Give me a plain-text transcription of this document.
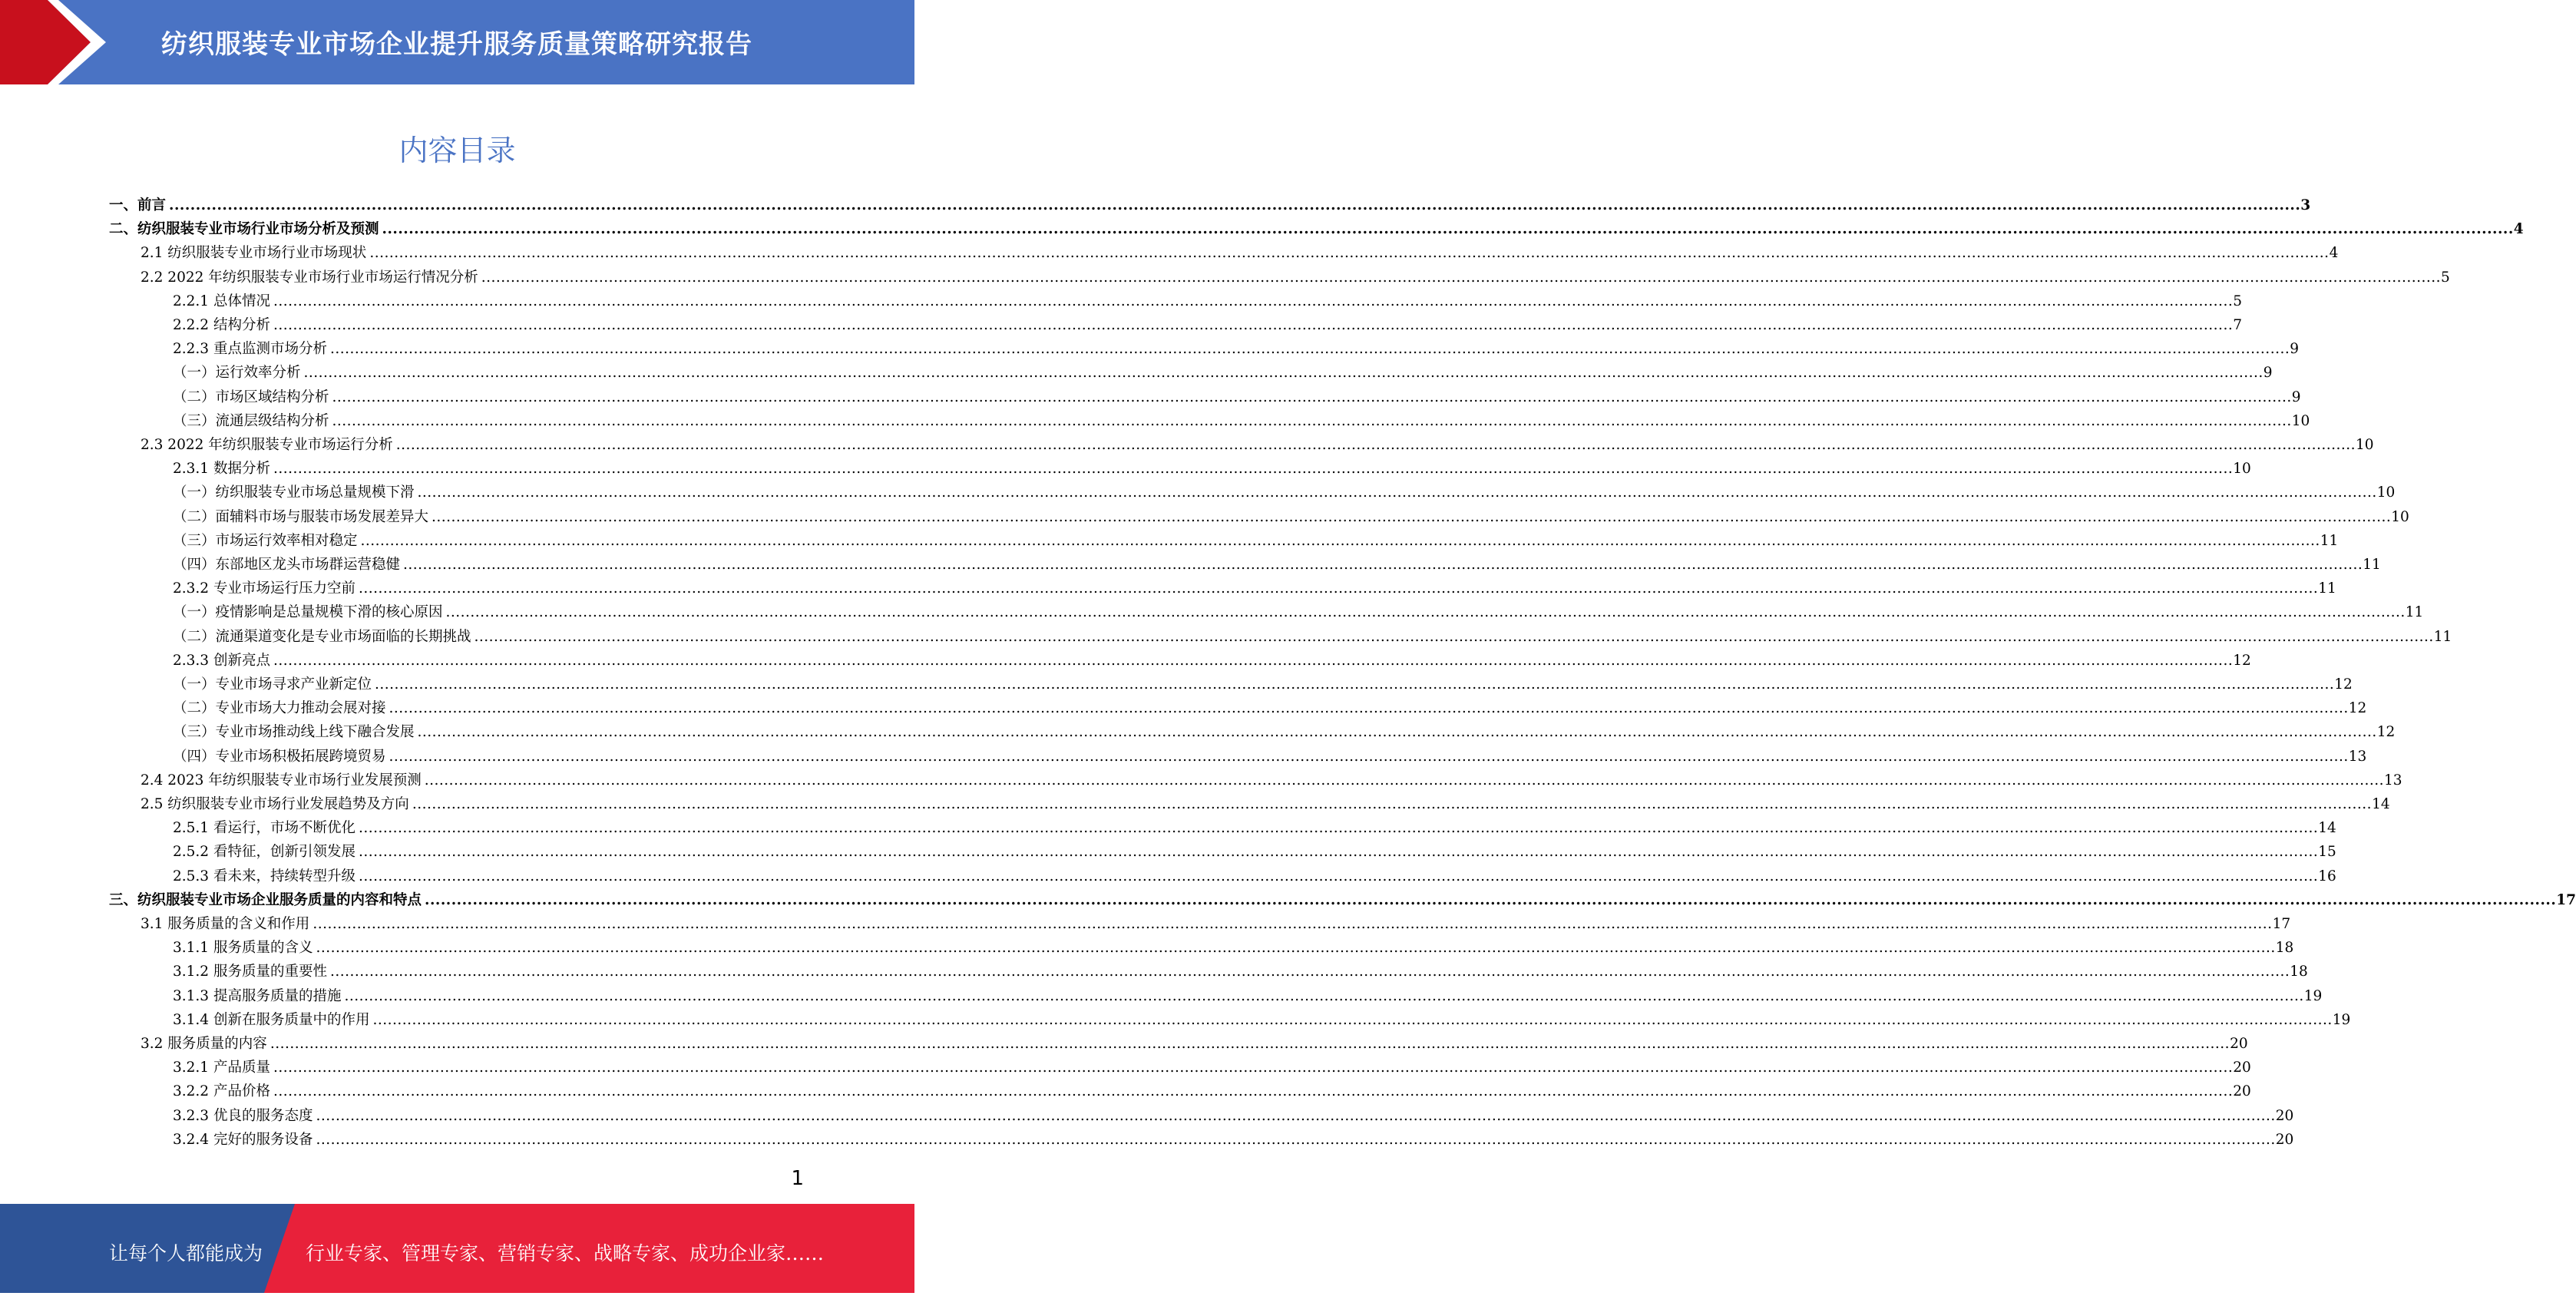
纺织服装专业市场企业提升服务质量策略研究报告
内容目录
一、前言 ................................................................................................................................................................................................................................................................................................................................................................................................................ 3
二、纺织服装专业市场行业市场分析及预测 ................................................................................................................................................................................................................................................................................................................................................................................................................ 4
2.1 纺织服装专业市场行业市场现状 ................................................................................................................................................................................................................................................................................................................................................................................................................ 4
2.2 2022 年纺织服装专业市场行业市场运行情况分析 ................................................................................................................................................................................................................................................................................................................................................................................................................ 5
2.2.1 总体情况 ................................................................................................................................................................................................................................................................................................................................................................................................................ 5
2.2.2 结构分析 ................................................................................................................................................................................................................................................................................................................................................................................................................ 7
2.2.3 重点监测市场分析 ................................................................................................................................................................................................................................................................................................................................................................................................................ 9
（一）运行效率分析 ................................................................................................................................................................................................................................................................................................................................................................................................................ 9
（二）市场区域结构分析 ................................................................................................................................................................................................................................................................................................................................................................................................................ 9
（三）流通层级结构分析 ................................................................................................................................................................................................................................................................................................................................................................................................................ 10
2.3 2022 年纺织服装专业市场运行分析 ................................................................................................................................................................................................................................................................................................................................................................................................................ 10
2.3.1 数据分析 ................................................................................................................................................................................................................................................................................................................................................................................................................ 10
（一）纺织服装专业市场总量规模下滑 ................................................................................................................................................................................................................................................................................................................................................................................................................ 10
（二）面辅料市场与服装市场发展差异大 ................................................................................................................................................................................................................................................................................................................................................................................................................ 10
（三）市场运行效率相对稳定 ................................................................................................................................................................................................................................................................................................................................................................................................................ 11
（四）东部地区龙头市场群运营稳健 ................................................................................................................................................................................................................................................................................................................................................................................................................ 11
2.3.2 专业市场运行压力空前 ................................................................................................................................................................................................................................................................................................................................................................................................................ 11
（一）疫情影响是总量规模下滑的核心原因 ................................................................................................................................................................................................................................................................................................................................................................................................................ 11
（二）流通渠道变化是专业市场面临的长期挑战 ................................................................................................................................................................................................................................................................................................................................................................................................................ 11
2.3.3 创新亮点 ................................................................................................................................................................................................................................................................................................................................................................................................................ 12
（一）专业市场寻求产业新定位 ................................................................................................................................................................................................................................................................................................................................................................................................................ 12
（二）专业市场大力推动会展对接 ................................................................................................................................................................................................................................................................................................................................................................................................................ 12
（三）专业市场推动线上线下融合发展 ................................................................................................................................................................................................................................................................................................................................................................................................................ 12
（四）专业市场积极拓展跨境贸易 ................................................................................................................................................................................................................................................................................................................................................................................................................ 13
2.4 2023 年纺织服装专业市场行业发展预测 ................................................................................................................................................................................................................................................................................................................................................................................................................ 13
2.5 纺织服装专业市场行业发展趋势及方向 ................................................................................................................................................................................................................................................................................................................................................................................................................ 14
2.5.1 看运行，市场不断优化 ................................................................................................................................................................................................................................................................................................................................................................................................................ 14
2.5.2 看特征，创新引领发展 ................................................................................................................................................................................................................................................................................................................................................................................................................ 15
2.5.3 看未来，持续转型升级 ................................................................................................................................................................................................................................................................................................................................................................................................................ 16
三、纺织服装专业市场企业服务质量的内容和特点 ................................................................................................................................................................................................................................................................................................................................................................................................................ 17
3.1 服务质量的含义和作用 ................................................................................................................................................................................................................................................................................................................................................................................................................ 17
3.1.1 服务质量的含义 ................................................................................................................................................................................................................................................................................................................................................................................................................ 18
3.1.2 服务质量的重要性 ................................................................................................................................................................................................................................................................................................................................................................................................................ 18
3.1.3 提高服务质量的措施 ................................................................................................................................................................................................................................................................................................................................................................................................................ 19
3.1.4 创新在服务质量中的作用 ................................................................................................................................................................................................................................................................................................................................................................................................................ 19
3.2 服务质量的内容 ................................................................................................................................................................................................................................................................................................................................................................................................................ 20
3.2.1 产品质量 ................................................................................................................................................................................................................................................................................................................................................................................................................ 20
3.2.2 产品价格 ................................................................................................................................................................................................................................................................................................................................................................................................................ 20
3.2.3 优良的服务态度 ................................................................................................................................................................................................................................................................................................................................................................................................................ 20
3.2.4 完好的服务设备 ................................................................................................................................................................................................................................................................................................................................................................................................................ 20
1
让每个人都能成为 行业专家、管理专家、营销专家、战略专家、成功企业家……
